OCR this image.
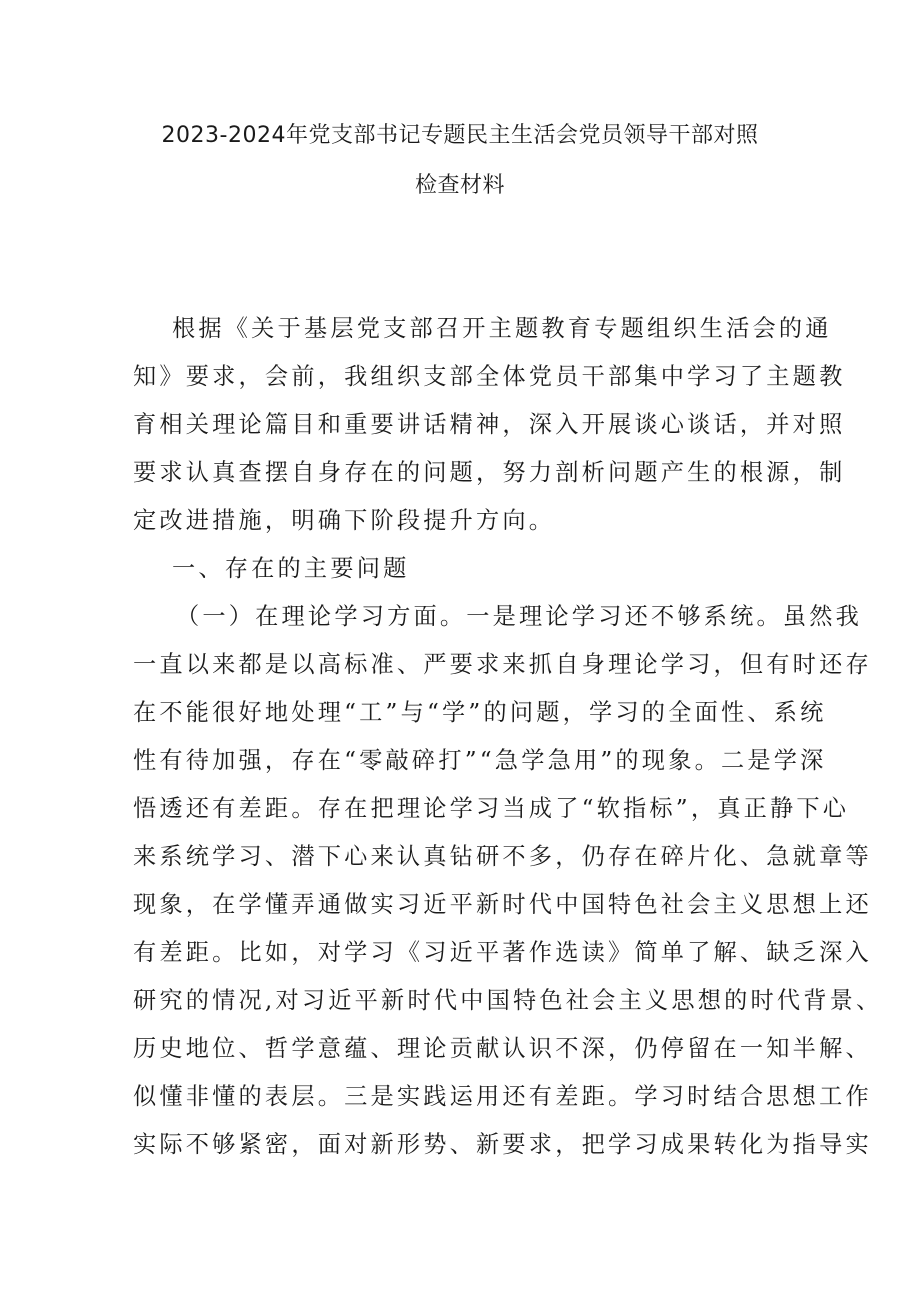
2023-2024年党支部书记专题民主生活会党员领导干部对照
检查材料
根据《关于基层党支部召开主题教育专题组织生活会的通
知》要求，会前，我组织支部全体党员干部集中学习了主题教
育相关理论篇目和重要讲话精神，深入开展谈心谈话，并对照
要求认真查摆自身存在的问题，努力剖析问题产生的根源，制
定改进措施，明确下阶段提升方向。
一、存在的主要问题
（一）在理论学习方面。一是理论学习还不够系统。虽然我
一直以来都是以高标准、严要求来抓自身理论学习，但有时还存
在不能很好地处理“工”与“学”的问题，学习的全面性、系统
性有待加强，存在“零敲碎打”“急学急用”的现象。二是学深
悟透还有差距。存在把理论学习当成了“软指标”，真正静下心
来系统学习、潜下心来认真钻研不多，仍存在碎片化、急就章等
现象，在学懂弄通做实习近平新时代中国特色社会主义思想上还
有差距。比如，对学习《习近平著作选读》简单了解、缺乏深入
研究的情况,对习近平新时代中国特色社会主义思想的时代背景、
历史地位、哲学意蕴、理论贡献认识不深，仍停留在一知半解、
似懂非懂的表层。三是实践运用还有差距。学习时结合思想工作
实际不够紧密，面对新形势、新要求，把学习成果转化为指导实
